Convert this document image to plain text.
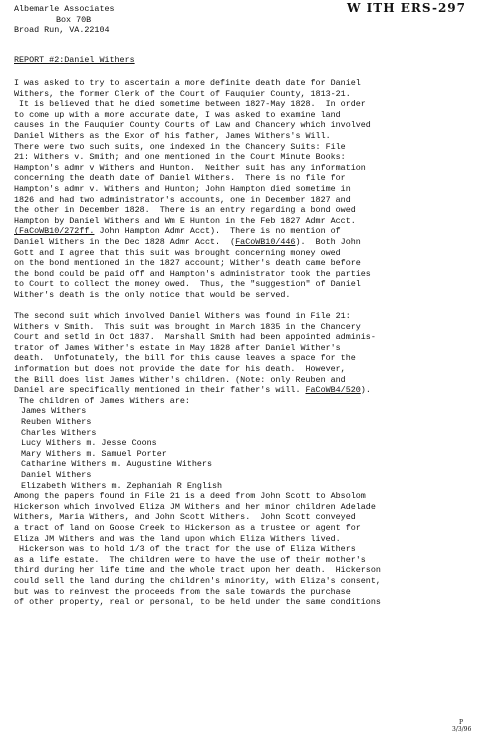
Albemarle Associates
Box 70B
Broad Run, VA.22104
W ITH ERS-297
REPORT #2:Daniel Withers
I was asked to try to ascertain a more definite death date for Daniel
Withers, the former Clerk of the Court of Fauquier County, 1813-21.
It is believed that he died sometime between 1827-May 1828.  In order
to come up with a more accurate date, I was asked to examine land
causes in the Fauquier County Courts of Law and Chancery which involved
Daniel Withers as the Exor of his father, James Withers's Will.
There were two such suits, one indexed in the Chancery Suits: File
21: Withers v. Smith; and one mentioned in the Court Minute Books:
Hampton's admr v Withers and Hunton.  Neither suit has any information
concerning the death date of Daniel Withers.  There is no file for
Hampton's admr v. Withers and Hunton; John Hampton died sometime in
1826 and had two administrator's accounts, one in December 1827 and
the other in December 1828.  There is an entry regarding a bond owed
Hampton by Daniel Withers and Wm E Hunton in the Feb 1827 Admr Acct.
(FaCoWB10/272ff. John Hampton Admr Acct).  There is no mention of
Daniel Withers in the Dec 1828 Admr Acct.  (FaCoWB10/446).  Both John
Gott and I agree that this suit was brought concerning money owed
on the bond mentioned in the 1827 account; Wither's death came before
the bond could be paid off and Hampton's administrator took the parties
to Court to collect the money owed.  Thus, the "suggestion" of Daniel
Wither's death is the only notice that would be served.
The second suit which involved Daniel Withers was found in File 21:
Withers v Smith.  This suit was brought in March 1835 in the Chancery
Court and setld in Oct 1837.  Marshall Smith had been appointed adminis-
trator of James Wither's estate in May 1828 after Daniel Wither's
death.  Unfotunately, the bill for this cause leaves a space for the
information but does not provide the date for his death.  However,
the Bill does list James Wither's children. (Note: only Reuben and
Daniel are specifically mentioned in their father's will. FaCoWB4/520).
The children of James Withers are:
James Withers
Reuben Withers
Charles Withers
Lucy Withers m. Jesse Coons
Mary Withers m. Samuel Porter
Catharine Withers m. Augustine Withers
Daniel Withers
Elizabeth Withers m. Zephaniah R English
Among the papers found in File 21 is a deed from John Scott to Absolom
Hickerson which involved Eliza JM Withers and her minor children Adelade
Withers, Maria Withers, and John Scott Withers.  John Scott conveyed
a tract of land on Goose Creek to Hickerson as a trustee or agent for
Eliza JM Withers and was the land upon which Eliza Withers lived.
Hickerson was to hold 1/3 of the tract for the use of Eliza Withers
as a life estate.  The children were to have the use of their mother's
third during her life time and the whole tract upon her death.  Hickerson
could sell the land during the children's minority, with Eliza's consent,
but was to reinvest the proceeds from the sale towards the purchase
of other property, real or personal, to be held under the same conditions
P
3/3/96
